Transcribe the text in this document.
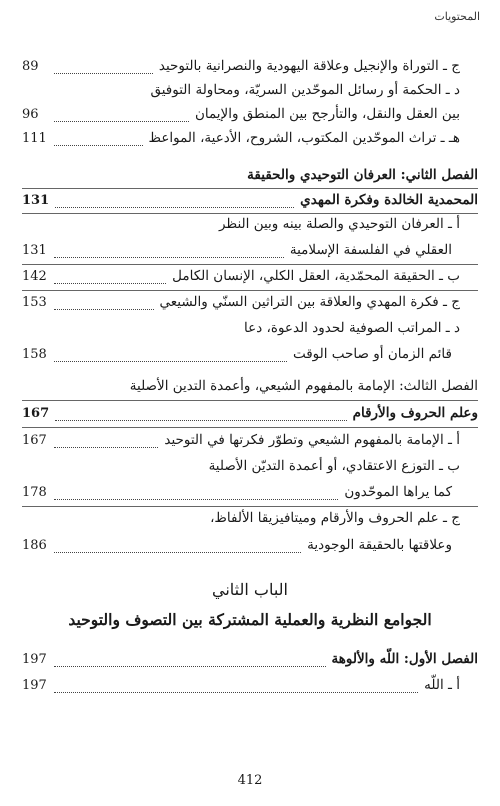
المحتويات
ج ـ التوراة والإنجيل وعلاقة اليهودية والنصرانية بالتوحيد
89
د ـ الحكمة أو رسائل الموحّدين السريّة، ومحاولة التوفيق
بين العقل والنقل، والتأرجح بين المنطق والإيمان
96
هـ ـ تراث الموحّدين المكتوب، الشروح، الأدعية، المواعظ
111
الفصل الثاني: العرفان التوحيدي والحقيقة
المحمدية الخالدة وفكرة المهدي
131
أ ـ العرفان التوحيدي والصلة بينه وبين النظر
العقلي في الفلسفة الإسلامية
131
ب ـ الحقيقة المحمّدية، العقل الكلي، الإنسان الكامل
142
ج ـ فكرة المهدي والعلاقة بين التراثين السنّي والشيعي
153
د ـ المراتب الصوفية لحدود الدعوة، دعا
قائم الزمان أو صاحب الوقت
158
الفصل الثالث: الإمامة بالمفهوم الشيعي، وأعمدة التدين الأصلية
وعلم الحروف والأرقام
167
أ ـ الإمامة بالمفهوم الشيعي وتطوّر فكرتها في التوحيد
167
ب ـ التوزع الاعتقادي، أو أعمدة التديّن الأصلية
كما يراها الموحّدون
178
ج ـ علم الحروف والأرقام وميتافيزيقا الألفاظ،
وعلاقتها بالحقيقة الوجودية
186
الباب الثاني
الجوامع النظرية والعملية المشتركة بين التصوف والتوحيد
الفصل الأول: اللّه والألوهة
197
أ ـ اللّه
197
412
